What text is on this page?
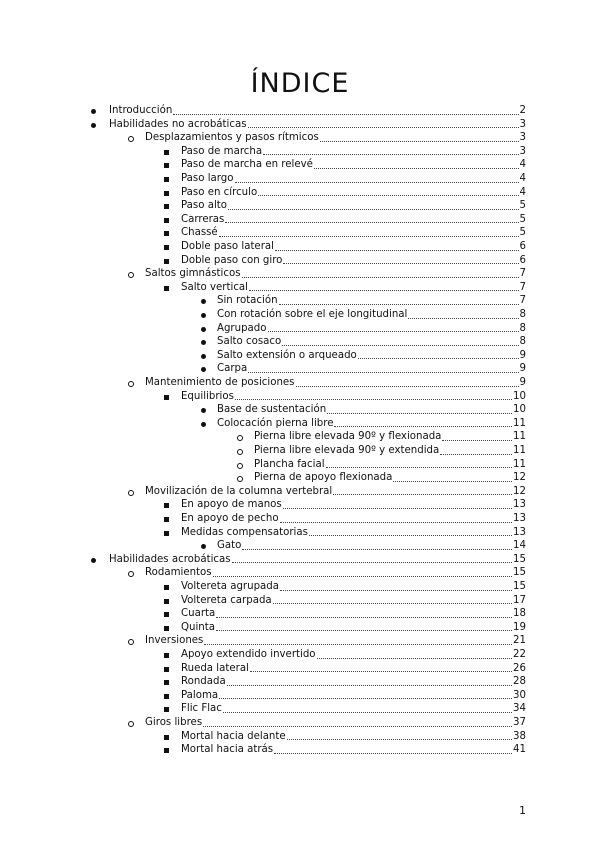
ÍNDICE
Introducción	2
Habilidades no acrobáticas	3
Desplazamientos y pasos rítmicos	3
Paso de marcha	3
Paso de marcha en relevé	4
Paso largo	4
Paso en círculo	4
Paso alto	5
Carreras	5
Chassé	5
Doble paso lateral	6
Doble paso con giro	6
Saltos gimnásticos	7
Salto vertical	7
Sin rotación	7
Con rotación sobre el eje longitudinal	8
Agrupado	8
Salto cosaco	8
Salto extensión o arqueado	9
Carpa	9
Mantenimiento de posiciones	9
Equilibrios	10
Base de sustentación	10
Colocación pierna libre	11
Pierna libre elevada 90º y flexionada	11
Pierna libre elevada 90º y extendida	11
Plancha facial	11
Pierna de apoyo flexionada	12
Movilización de la columna vertebral	12
En apoyo de manos	13
En apoyo de pecho	13
Medidas compensatorias	13
Gato	14
Habilidades acrobáticas	15
Rodamientos	15
Voltereta agrupada	15
Voltereta carpada	17
Cuarta	18
Quinta	19
Inversiones	21
Apoyo extendido invertido	22
Rueda lateral	26
Rondada	28
Paloma	30
Flic Flac	34
Giros libres	37
Mortal hacia delante	38
Mortal hacia atrás	41
1
